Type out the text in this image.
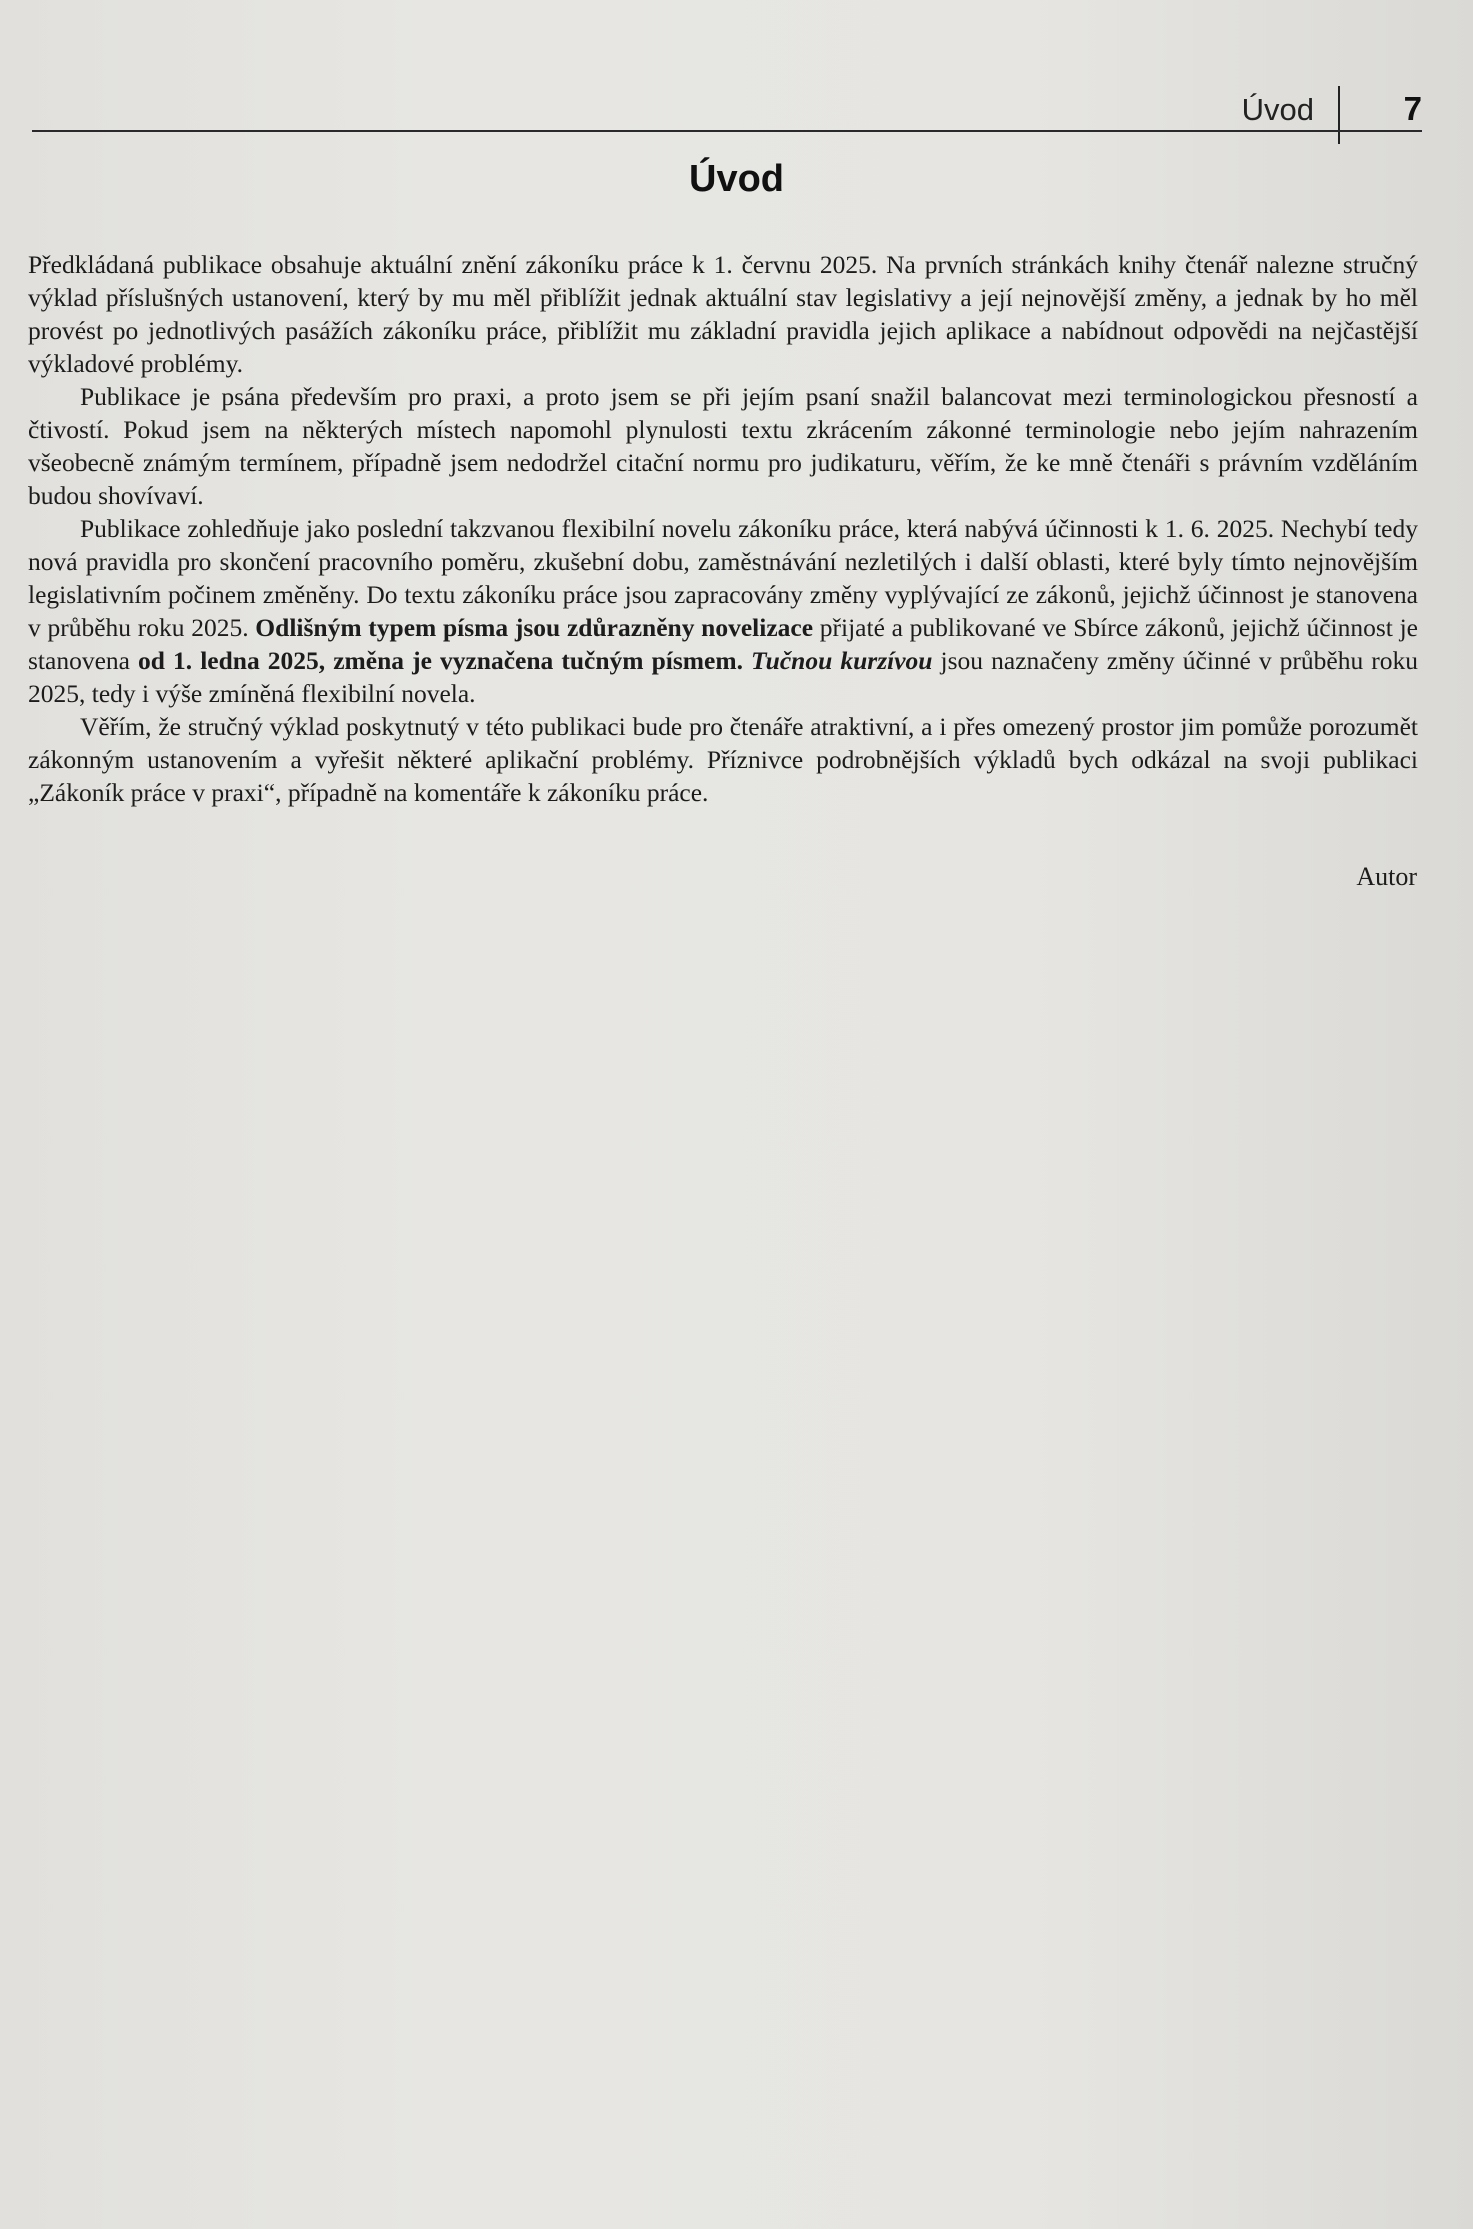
Úvod	7
Úvod

Předkládaná publikace obsahuje aktuální znění zákoníku práce k 1. červnu 2025. Na prvních stránkách knihy čtenář nalezne stručný výklad příslušných ustanovení, který by mu měl přiblížit jednak aktuální stav legislativy a její nejnovější změny, a jednak by ho měl provést po jednotlivých pasážích zákoníku práce, přiblížit mu základní pravidla jejich aplikace a nabídnout odpovědi na nejčastější výkladové problémy.

Publikace je psána především pro praxi, a proto jsem se při jejím psaní snažil balancovat mezi terminologickou přesností a čtivostí. Pokud jsem na některých místech napomohl plynulosti textu zkrácením zákonné terminologie nebo jejím nahrazením všeobecně známým termínem, případně jsem nedodržel citační normu pro judikaturu, věřím, že ke mně čtenáři s právním vzděláním budou shovívaví.

Publikace zohledňuje jako poslední takzvanou flexibilní novelu zákoníku práce, která nabývá účinnosti k 1. 6. 2025. Nechybí tedy nová pravidla pro skončení pracovního poměru, zkušební dobu, zaměstnávání nezletilých i další oblasti, které byly tímto nejnovějším legislativním počinem změněny. Do textu zákoníku práce jsou zapracovány změny vyplývající ze zákonů, jejichž účinnost je stanovena v průběhu roku 2025. Odlišným typem písma jsou zdůrazněny novelizace přijaté a publikované ve Sbírce zákonů, jejichž účinnost je stanovena od 1. ledna 2025, změna je vyznačena tučným písmem. Tučnou kurzívou jsou naznačeny změny účinné v průběhu roku 2025, tedy i výše zmíněná flexibilní novela.

Věřím, že stručný výklad poskytnutý v této publikaci bude pro čtenáře atraktivní, a i přes omezený prostor jim pomůže porozumět zákonným ustanovením a vyřešit některé aplikační problémy. Příznivce podrobnějších výkladů bych odkázal na svoji publikaci „Zákoník práce v praxi“, případně na komentáře k zákoníku práce.

Autor
